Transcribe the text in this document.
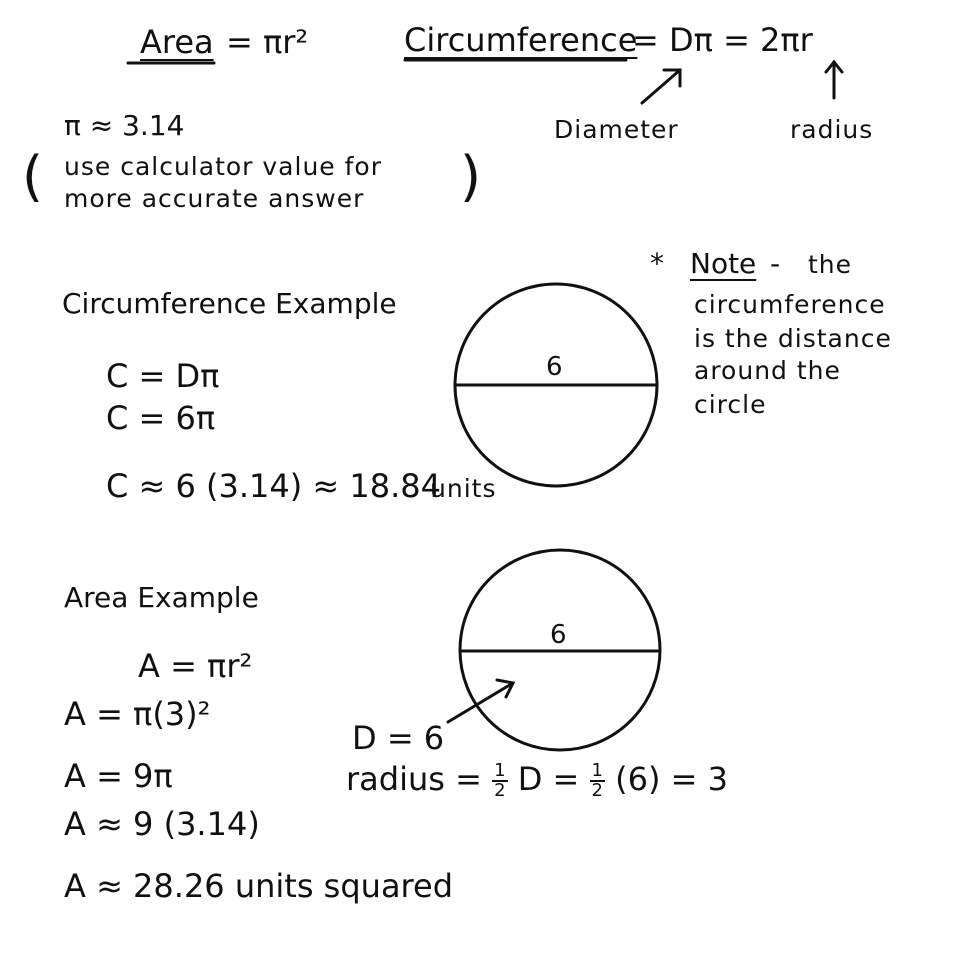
Area = πr²	Circumference
= Dπ = 2πr
Diameter	radius
π ≈ 3.14
( use calculator value for
more accurate answer )
* Note - the
circumference
is the distance
around the
circle
Circumference Example
C = Dπ
C = 6π
C ≈ 6 (3.14) ≈ 18.84
units
6
Area Example
A = πr²
A = π(3)²
A = 9π
A ≈ 9 (3.14)
A ≈ 28.26 units squared
6
D = 6
radius = $\frac{1}{2}$ $D = \frac{1}{2} (6) = 3$
